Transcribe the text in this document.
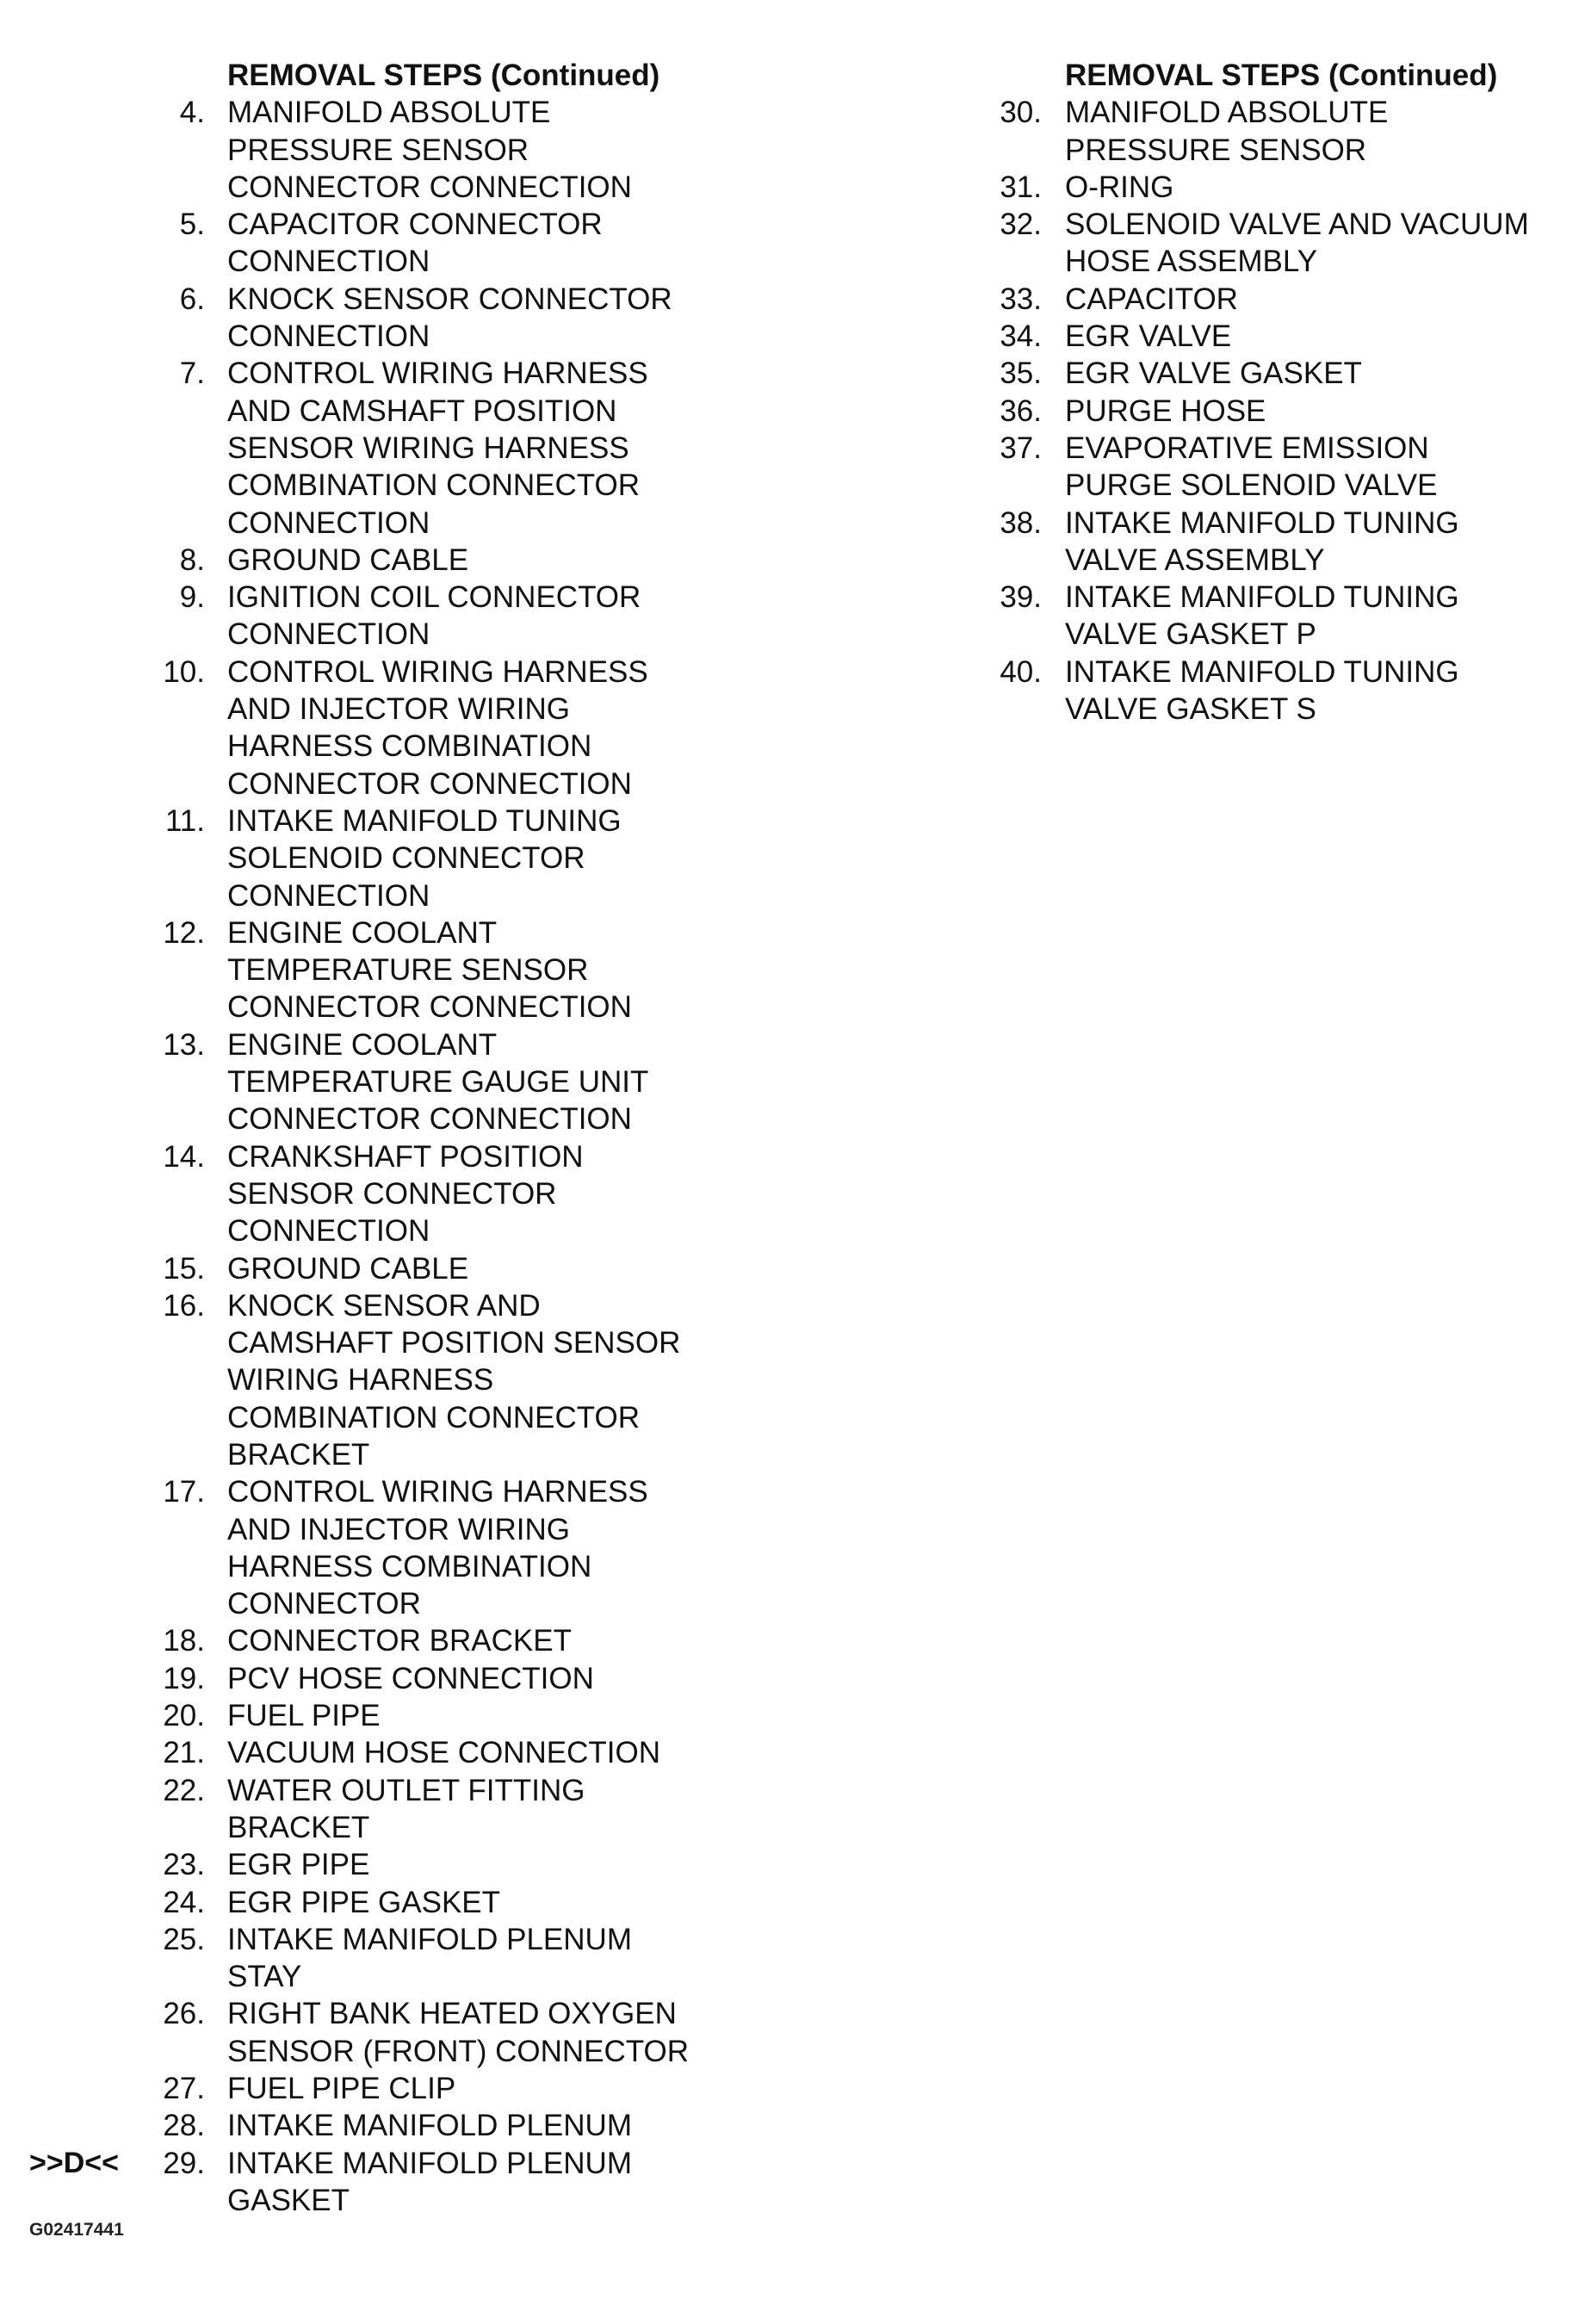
REMOVAL STEPS (Continued)
4. MANIFOLD ABSOLUTE
PRESSURE SENSOR
CONNECTOR CONNECTION
5. CAPACITOR CONNECTOR
CONNECTION
6. KNOCK SENSOR CONNECTOR
CONNECTION
7. CONTROL WIRING HARNESS
AND CAMSHAFT POSITION
SENSOR WIRING HARNESS
COMBINATION CONNECTOR
CONNECTION
8. GROUND CABLE
9. IGNITION COIL CONNECTOR
CONNECTION
10. CONTROL WIRING HARNESS
AND INJECTOR WIRING
HARNESS COMBINATION
CONNECTOR CONNECTION
11. INTAKE MANIFOLD TUNING
SOLENOID CONNECTOR
CONNECTION
12. ENGINE COOLANT
TEMPERATURE SENSOR
CONNECTOR CONNECTION
13. ENGINE COOLANT
TEMPERATURE GAUGE UNIT
CONNECTOR CONNECTION
14. CRANKSHAFT POSITION
SENSOR CONNECTOR
CONNECTION
15. GROUND CABLE
16. KNOCK SENSOR AND
CAMSHAFT POSITION SENSOR
WIRING HARNESS
COMBINATION CONNECTOR
BRACKET
17. CONTROL WIRING HARNESS
AND INJECTOR WIRING
HARNESS COMBINATION
CONNECTOR
18. CONNECTOR BRACKET
19. PCV HOSE CONNECTION
20. FUEL PIPE
21. VACUUM HOSE CONNECTION
22. WATER OUTLET FITTING
BRACKET
23. EGR PIPE
24. EGR PIPE GASKET
25. INTAKE MANIFOLD PLENUM
STAY
26. RIGHT BANK HEATED OXYGEN
SENSOR (FRONT) CONNECTOR
27. FUEL PIPE CLIP
28. INTAKE MANIFOLD PLENUM
>>D<<	29. INTAKE MANIFOLD PLENUM
GASKET
REMOVAL STEPS (Continued)
30. MANIFOLD ABSOLUTE
PRESSURE SENSOR
31. O-RING
32. SOLENOID VALVE AND VACUUM
HOSE ASSEMBLY
33. CAPACITOR
34. EGR VALVE
35. EGR VALVE GASKET
36. PURGE HOSE
37. EVAPORATIVE EMISSION
PURGE SOLENOID VALVE
38. INTAKE MANIFOLD TUNING
VALVE ASSEMBLY
39. INTAKE MANIFOLD TUNING
VALVE GASKET P
40. INTAKE MANIFOLD TUNING
VALVE GASKET S
G02417441
